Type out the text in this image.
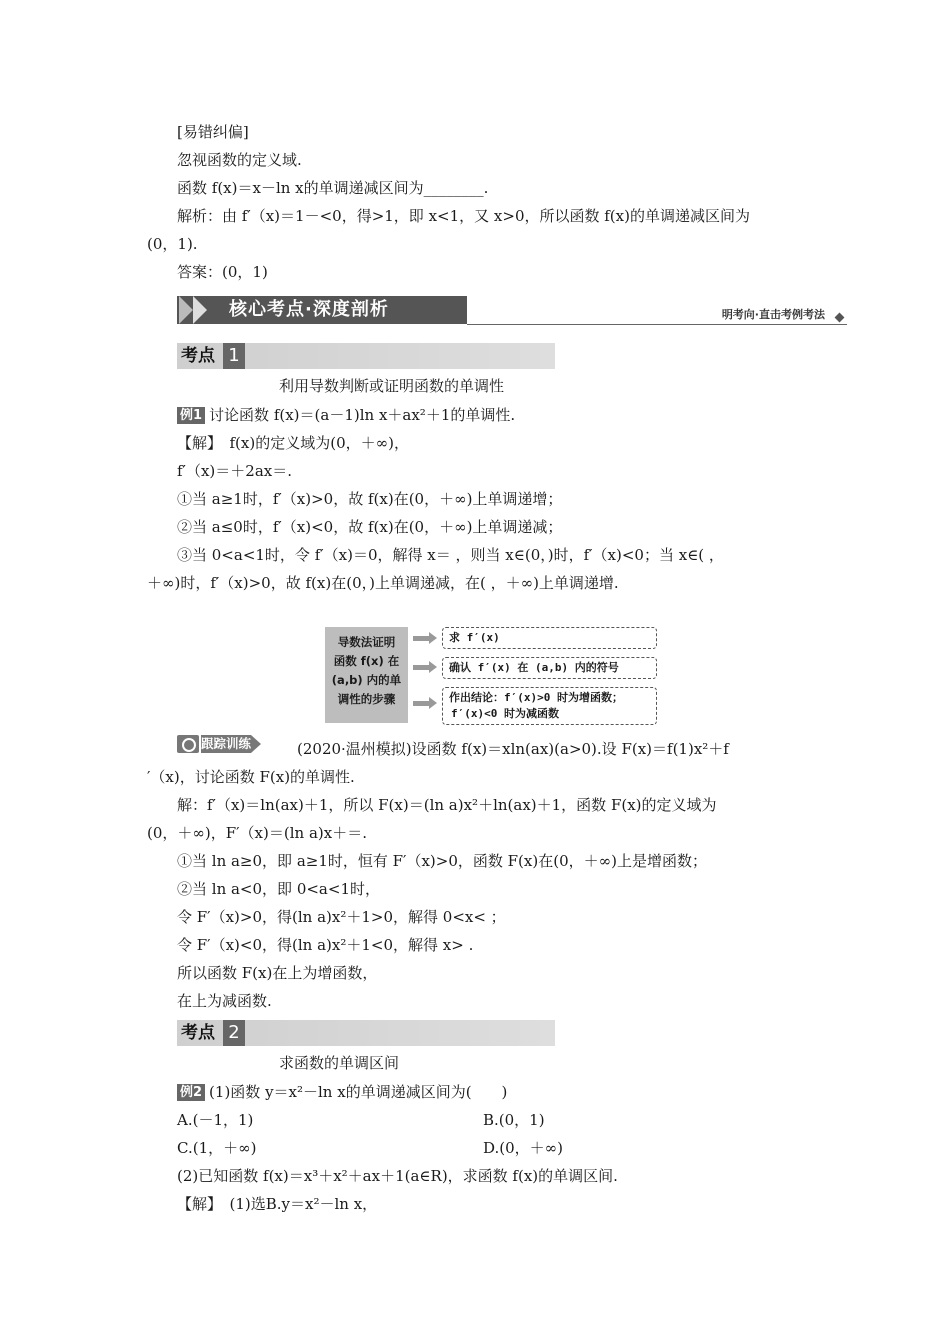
[易错纠偏]
忽视函数的定义域.
函数 f(x)＝x－ln x的单调递减区间为________.
解析：由 f′（x)＝1－<0，得>1，即 x<1，又 x>0，所以函数 f(x)的单调递减区间为
(0，1).
答案：(0，1)
核心考点·深度剖析	明考向·直击考例考法
考点 1
利用导数判断或证明函数的单调性
例1 讨论函数 f(x)＝(a－1)ln x＋ax²＋1的单调性.
【解】　f(x)的定义域为(0，＋∞)，
f′（x)＝＋2ax＝.
①当 a≥1时，f′（x)>0，故 f(x)在(0，＋∞)上单调递增；
②当 a≤0时，f′（x)<0，故 f(x)在(0，＋∞)上单调递减；
③当 0<a<1时，令 f′（x)＝0，解得 x＝ ，则当 x∈(0，)时，f′（x)<0；当 x∈( ，
＋∞)时，f′（x)>0，故 f(x)在(0，)上单调递减，在( ，＋∞)上单调递增.
导数法证明
函数 f(x) 在
(a,b) 内的单
调性的步骤
求 f′(x)
确认 f′(x) 在 (a,b) 内的符号
作出结论：f′(x)>0 时为增函数；
f′(x)<0 时为减函数
跟踪训练	(2020·温州模拟)设函数 f(x)＝xln(ax)(a>0).设 F(x)＝f(1)x²＋f
′（x)，讨论函数 F(x)的单调性.
解：f′（x)＝ln(ax)＋1，所以 F(x)＝(ln a)x²＋ln(ax)＋1，函数 F(x)的定义域为
(0，＋∞)，F′（x)＝(ln a)x＋＝.
①当 ln a≥0，即 a≥1时，恒有 F′（x)>0，函数 F(x)在(0，＋∞)上是增函数；
②当 ln a<0，即 0<a<1时，
令 F′（x)>0，得(ln a)x²＋1>0，解得 0<x< ；
令 F′（x)<0，得(ln a)x²＋1<0，解得 x> .
所以函数 F(x)在上为增函数，
在上为减函数.
考点 2
求函数的单调区间
例2 (1)函数 y＝x²－ln x的单调递减区间为(　　)
A.(－1，1)	B.(0，1)
C.(1，＋∞)	D.(0，＋∞)
(2)已知函数 f(x)＝x³＋x²＋ax＋1(a∈R)，求函数 f(x)的单调区间.
【解】　(1)选B.y＝x²－ln x，
